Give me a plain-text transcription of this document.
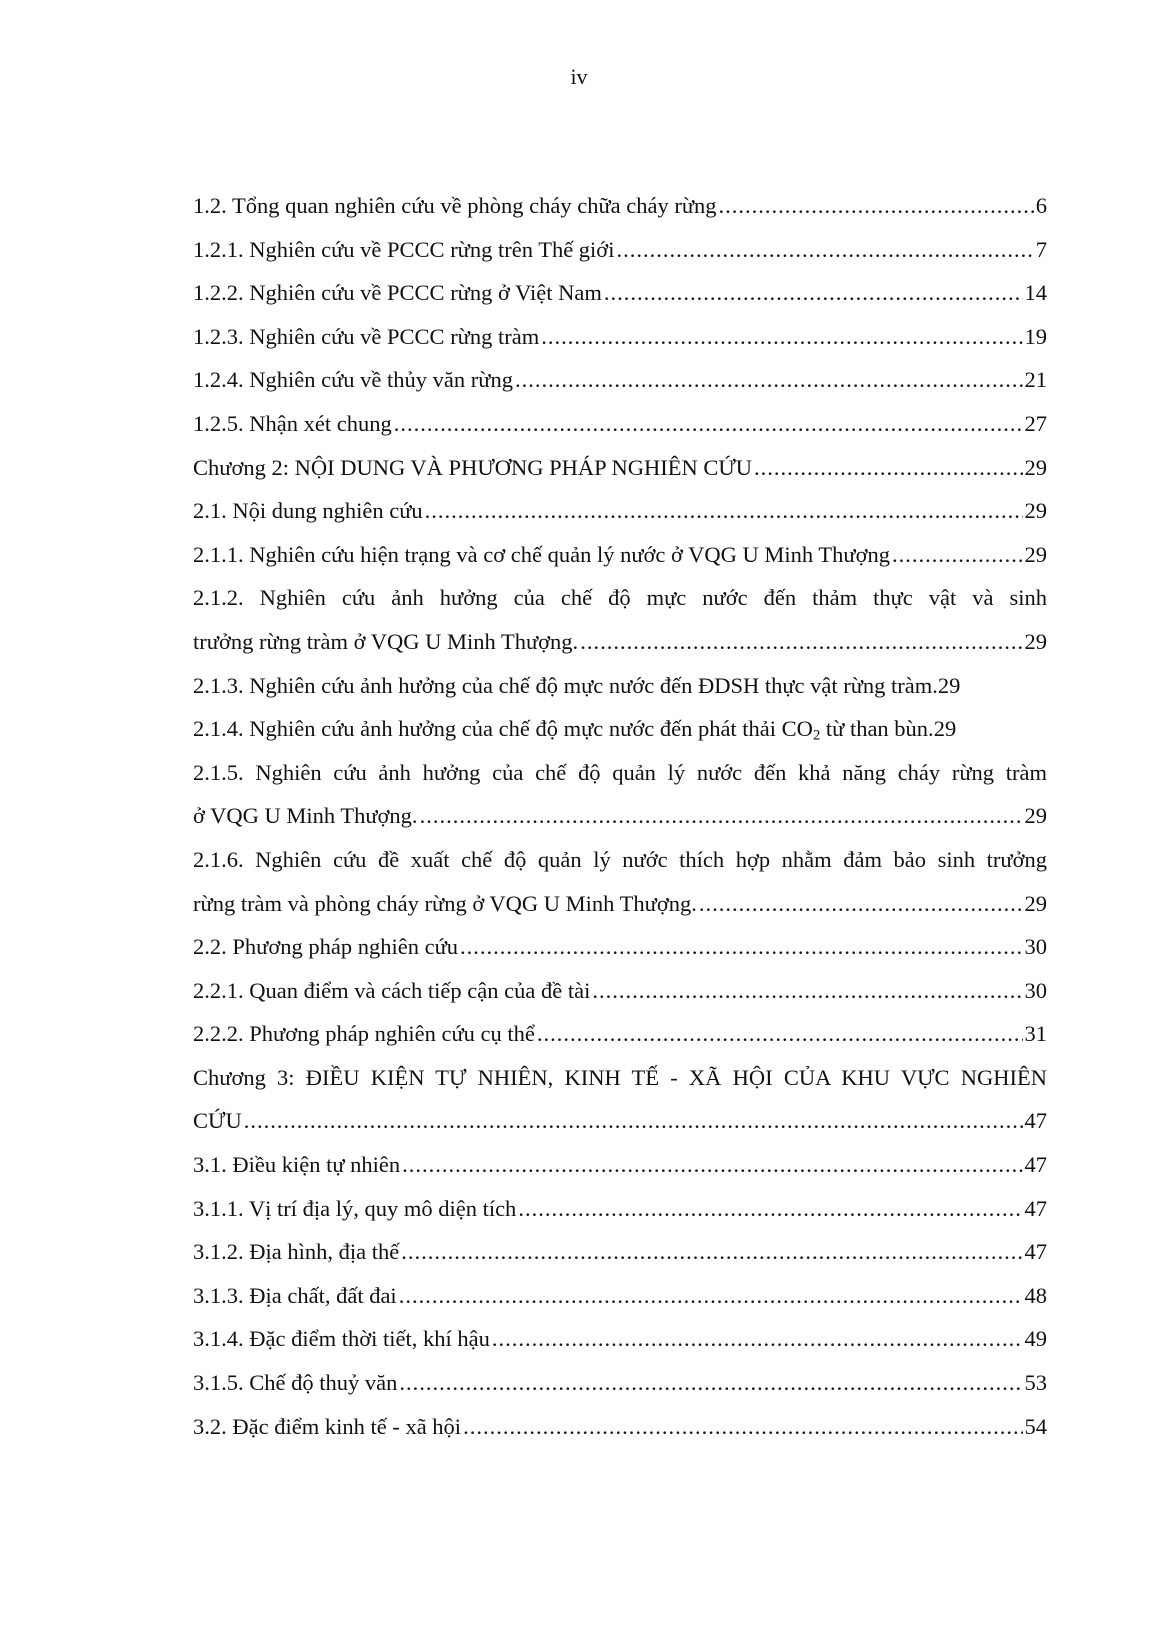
iv
1.2. Tổng quan nghiên cứu về phòng cháy chữa cháy rừng .....	6
1.2.1. Nghiên cứu về PCCC rừng trên Thế giới .....	7
1.2.2. Nghiên cứu về PCCC rừng ở Việt Nam .....	14
1.2.3. Nghiên cứu về PCCC rừng tràm .....	19
1.2.4. Nghiên cứu về thủy văn rừng .....	21
1.2.5. Nhận xét chung .....	27
Chương 2: NỘI DUNG VÀ PHƯƠNG PHÁP NGHIÊN CỨU .....	29
2.1. Nội dung nghiên cứu .....	29
2.1.1. Nghiên cứu hiện trạng và cơ chế quản lý nước ở VQG U Minh Thượng .....	29
2.1.2. Nghiên cứu ảnh hưởng của chế độ mực nước đến thảm thực vật và sinh
trưởng rừng tràm ở VQG U Minh Thượng. .....	29
2.1.3. Nghiên cứu ảnh hưởng của chế độ mực nước đến ĐDSH thực vật rừng tràm. 29
2.1.4. Nghiên cứu ảnh hưởng của chế độ mực nước đến phát thải $CO_2$ từ than bùn. 29
2.1.5. Nghiên cứu ảnh hưởng của chế độ quản lý nước đến khả năng cháy rừng tràm
ở VQG U Minh Thượng. .....	29
2.1.6. Nghiên cứu đề xuất chế độ quản lý nước thích hợp nhằm đảm bảo sinh trưởng
rừng tràm và phòng cháy rừng ở VQG U Minh Thượng. .....	29
2.2. Phương pháp nghiên cứu .....	30
2.2.1. Quan điểm và cách tiếp cận của đề tài .....	30
2.2.2. Phương pháp nghiên cứu cụ thể .....	31
Chương 3: ĐIỀU KIỆN TỰ NHIÊN, KINH TẾ - XÃ HỘI CỦA KHU VỰC NGHIÊN
CỨU .....	47
3.1. Điều kiện tự nhiên .....	47
3.1.1. Vị trí địa lý, quy mô diện tích .....	47
3.1.2. Địa hình, địa thế .....	47
3.1.3. Địa chất, đất đai .....	48
3.1.4. Đặc điểm thời tiết, khí hậu .....	49
3.1.5. Chế độ thuỷ văn .....	53
3.2. Đặc điểm kinh tế - xã hội .....	54
